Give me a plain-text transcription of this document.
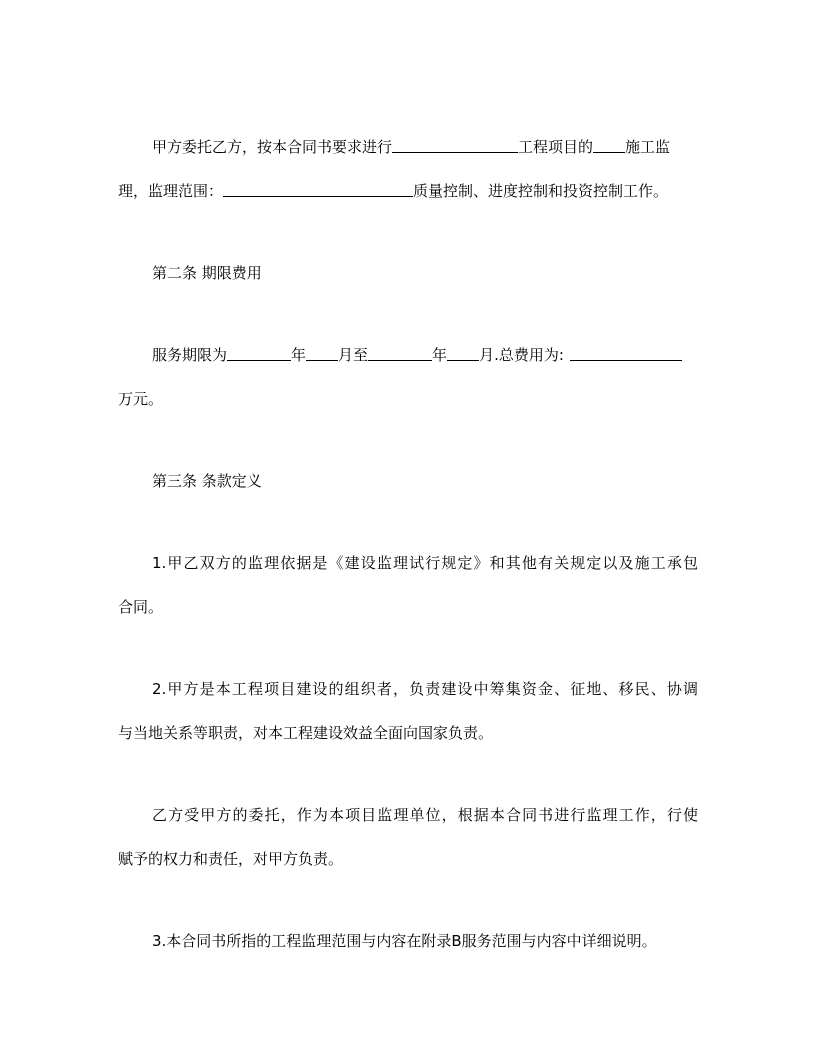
甲方委托乙方，按本合同书要求进行	工程项目的 施工监
理，监理范围：	质量控制、进度控制和投资控制工作。
第二条 期限费用
服务期限为	年 月至	年 月.总费用为:
万元。
第三条 条款定义
1.甲乙双方的监理依据是《建设监理试行规定》和其他有关规定以及施工承包
合同。
2.甲方是本工程项目建设的组织者，负责建设中筹集资金、征地、移民、协调
与当地关系等职责，对本工程建设效益全面向国家负责。
乙方受甲方的委托，作为本项目监理单位，根据本合同书进行监理工作，行使
赋予的权力和责任，对甲方负责。
3.本合同书所指的工程监理范围与内容在附录B服务范围与内容中详细说明。
